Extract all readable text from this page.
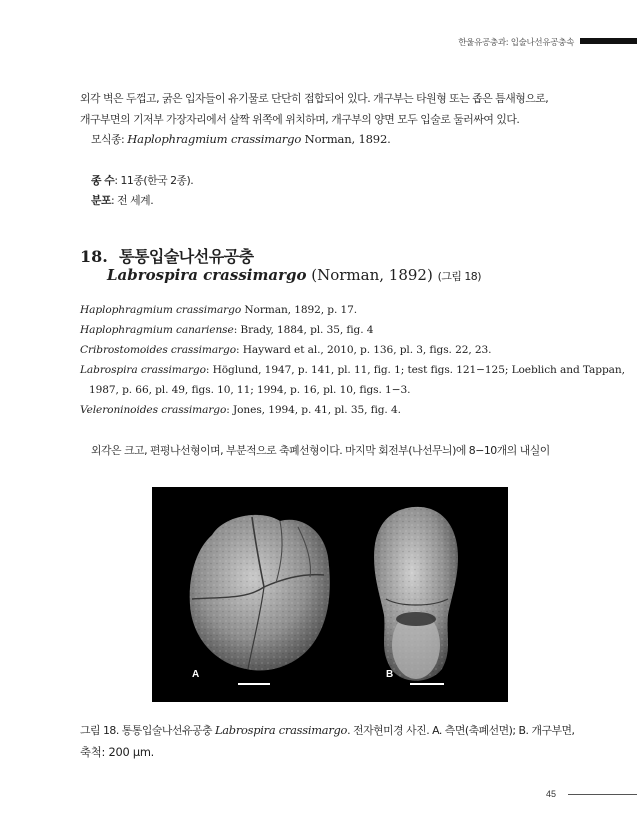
한울유공충과: 입술나선유공충속
외각 벽은 두껍고, 굵은 입자들이 유기물로 단단히 접합되어 있다. 개구부는 타원형 또는 좁은 틈새형으로,
개구부면의 기저부 가장자리에서 살짝 위쪽에 위치하며, 개구부의 양면 모두 입술로 둘러싸여 있다.
모식종: Haplophragmium crassimargo Norman, 1892.
종 수: 11종(한국 2종).
분포: 전 세계.
18. 통통입술나선유공충
Labrospira crassimargo (Norman, 1892) (그림 18)
Haplophragmium crassimargo Norman, 1892, p. 17.
Haplophragmium canariense: Brady, 1884, pl. 35, fig. 4
Cribrostomoides crassimargo: Hayward et al., 2010, p. 136, pl. 3, figs. 22, 23.
Labrospira crassimargo: Höglund, 1947, p. 141, pl. 11, fig. 1; test figs. 121−125; Loeblich and Tappan,
1987, p. 66, pl. 49, figs. 10, 11; 1994, p. 16, pl. 10, figs. 1−3.
Veleroninoides crassimargo: Jones, 1994, p. 41, pl. 35, fig. 4.
외각은 크고, 편평나선형이며, 부분적으로 축폐선형이다. 마지막 회전부(나선무늬)에 8−10개의 내실이
A	B
그림 18. 통통입술나선유공충 Labrospira crassimargo. 전자현미경 사진. A. 측면(축폐선면); B. 개구부면,
축척: 200 μm.
45
